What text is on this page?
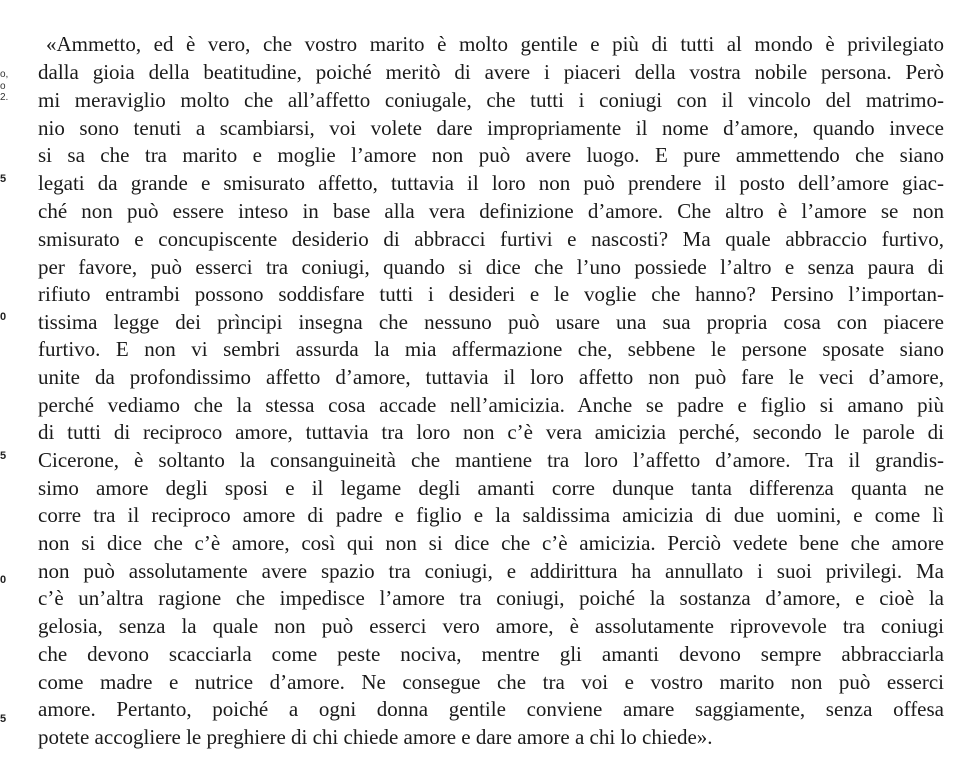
o,
o
2.
5
0
5
0
5
«Ammetto, ed è vero, che vostro marito è molto gentile e più di tutti al mondo è privilegiato
dalla gioia della beatitudine, poiché meritò di avere i piaceri della vostra nobile persona. Però
mi meraviglio molto che all’affetto coniugale, che tutti i coniugi con il vincolo del matrimo-
nio sono tenuti a scambiarsi, voi volete dare impropriamente il nome d’amore, quando invece
si sa che tra marito e moglie l’amore non può avere luogo. E pure ammettendo che siano
legati da grande e smisurato affetto, tuttavia il loro non può prendere il posto dell’amore giac-
ché non può essere inteso in base alla vera definizione d’amore. Che altro è l’amore se non
smisurato e concupiscente desiderio di abbracci furtivi e nascosti? Ma quale abbraccio furtivo,
per favore, può esserci tra coniugi, quando si dice che l’uno possiede l’altro e senza paura di
rifiuto entrambi possono soddisfare tutti i desideri e le voglie che hanno? Persino l’importan-
tissima legge dei prìncipi insegna che nessuno può usare una sua propria cosa con piacere
furtivo. E non vi sembri assurda la mia affermazione che, sebbene le persone sposate siano
unite da profondissimo affetto d’amore, tuttavia il loro affetto non può fare le veci d’amore,
perché vediamo che la stessa cosa accade nell’amicizia. Anche se padre e figlio si amano più
di tutti di reciproco amore, tuttavia tra loro non c’è vera amicizia perché, secondo le parole di
Cicerone, è soltanto la consanguineità che mantiene tra loro l’affetto d’amore. Tra il grandis-
simo amore degli sposi e il legame degli amanti corre dunque tanta differenza quanta ne
corre tra il reciproco amore di padre e figlio e la saldissima amicizia di due uomini, e come lì
non si dice che c’è amore, così qui non si dice che c’è amicizia. Perciò vedete bene che amore
non può assolutamente avere spazio tra coniugi, e addirittura ha annullato i suoi privilegi. Ma
c’è un’altra ragione che impedisce l’amore tra coniugi, poiché la sostanza d’amore, e cioè la
gelosia, senza la quale non può esserci vero amore, è assolutamente riprovevole tra coniugi
che devono scacciarla come peste nociva, mentre gli amanti devono sempre abbracciarla
come madre e nutrice d’amore. Ne consegue che tra voi e vostro marito non può esserci
amore. Pertanto, poiché a ogni donna gentile conviene amare saggiamente, senza offesa
potete accogliere le preghiere di chi chiede amore e dare amore a chi lo chiede».
